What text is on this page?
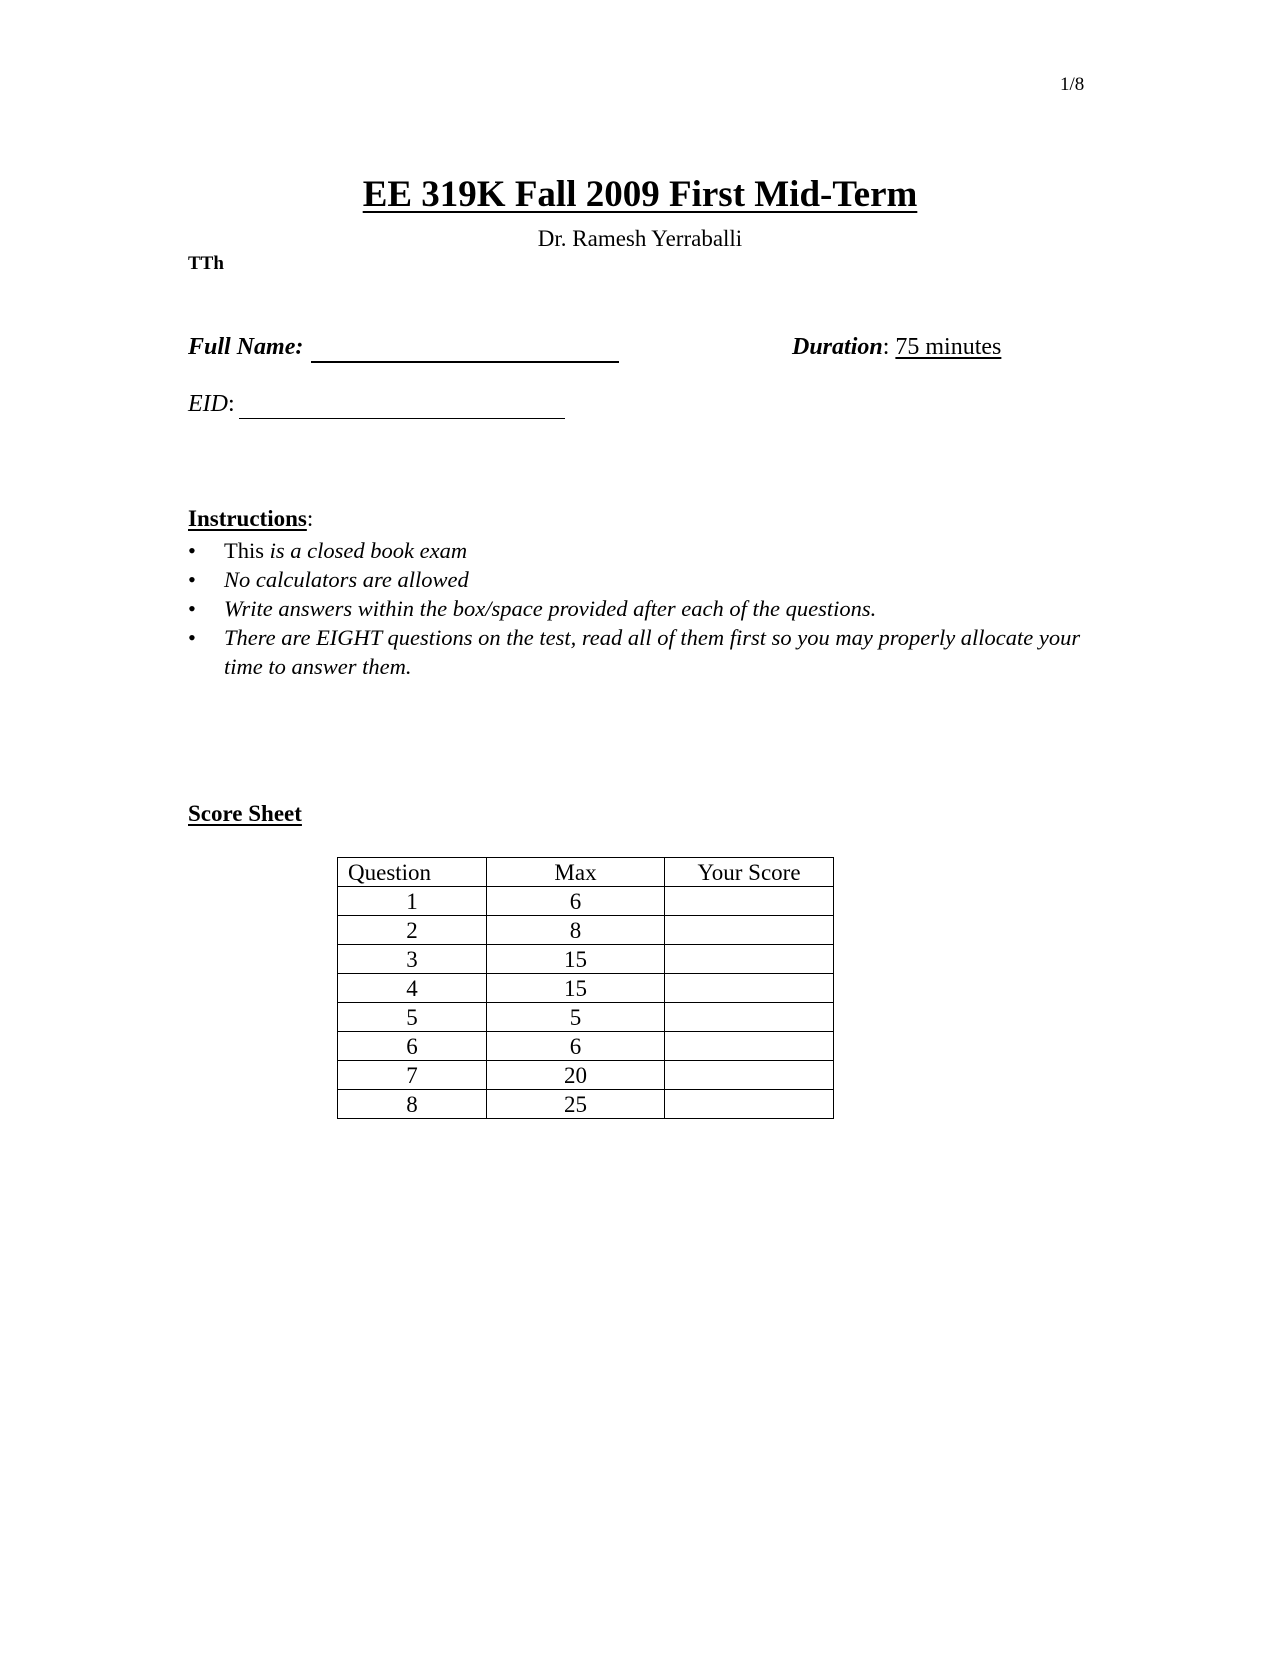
1/8
EE 319K Fall 2009 First Mid-Term
Dr. Ramesh Yerraballi
TTh
Full Name:	Duration: 75 minutes
EID:
Instructions:
• This is a closed book exam
• No calculators are allowed
• Write answers within the box/space provided after each of the questions.
• There are EIGHT questions on the test, read all of them first so you may properly allocate your time to answer them.
Score Sheet
Question	Max	Your Score
1	6	
2	8	
3	15	
4	15	
5	5	
6	6	
7	20	
8	25	
